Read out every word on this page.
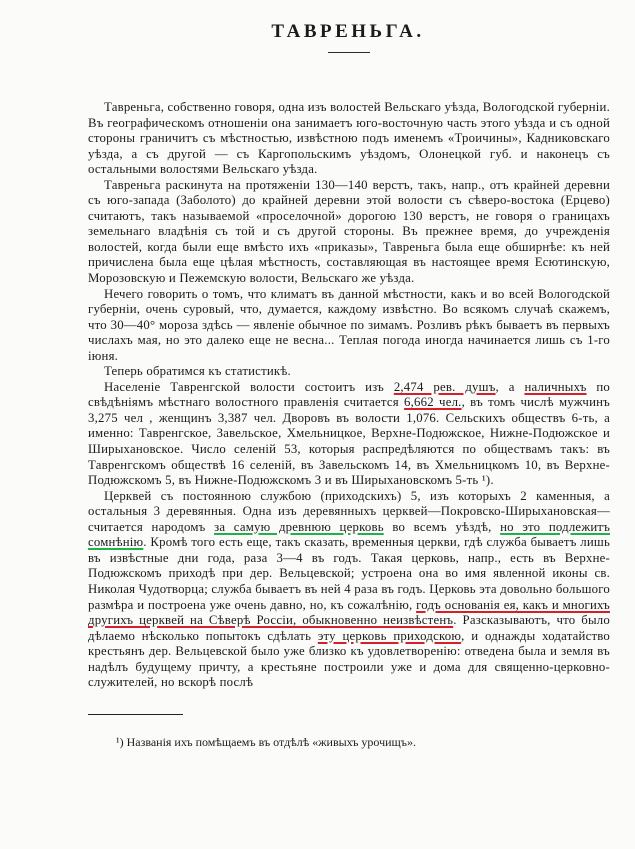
ТАВРЕНЬГА.
Тавреньга, собственно говоря, одна изъ волостей Вельскаго уѣзда, Вологодской губерніи. Въ географическомъ отношеніи она занимаетъ юго-восточную часть этого уѣзда и съ одной стороны граничитъ съ мѣстностью, извѣстною подъ именемъ «Троичины», Кадниковскаго уѣзда, а съ другой — съ Каргопольскимъ уѣздомъ, Олонецкой губ. и наконецъ съ остальными волостями Вельскаго уѣзда.
Тавреньга раскинута на протяженіи 130—140 верстъ, такъ, напр., отъ крайней деревни съ юго-запада (Заболото) до крайней деревни этой волости съ сѣверо-востока (Ерцево) считаютъ, такъ называемой «проселочной» дорогою 130 верстъ, не говоря о границахъ земельнаго владѣнія съ той и съ другой стороны. Въ прежнее время, до учрежденія волостей, когда были еще вмѣсто ихъ «приказы», Тавреньга была еще обширнѣе: къ ней причислена была еще цѣлая мѣстность, составляющая въ настоящее время Есютинскую, Морозовскую и Пежемскую волости, Вельскаго же уѣзда.
Нечего говорить о томъ, что климатъ въ данной мѣстности, какъ и во всей Вологодской губерніи, очень суровый, что, думается, каждому извѣстно. Во всякомъ случаѣ скажемъ, что 30—40° мороза здѣсь — явленіе обычное по зимамъ. Розливъ рѣкъ бываетъ въ первыхъ числахъ мая, но это далеко еще не весна... Теплая погода иногда начинается лишь съ 1-го іюня.
Теперь обратимся къ статистикѣ.
Населеніе Тавренгской волости состоитъ изъ 2,474 рев. душъ, а наличныхъ по свѣдѣніямъ мѣстнаго волостного правленія считается 6,662 чел., въ томъ числѣ мужчинъ 3,275 чел , женщинъ 3,387 чел. Дворовъ въ волости 1,076. Сельскихъ обществъ 6-ть, а именно: Тавренгское, Завельское, Хмельницкое, Верхне-Подюжское, Нижне-Подюжское и Ширыхановское. Число селеній 53, которыя распредѣляются по обществамъ такъ: въ Тавренгскомъ обществѣ 16 селеній, въ Завельскомъ 14, въ Хмельницкомъ 10, въ Верхне-Подюжскомъ 5, въ Нижне-Подюжскомъ 3 и въ Ширыхановскомъ 5-ть ¹).
Церквей съ постоянною службою (приходскихъ) 5, изъ которыхъ 2 каменныя, а остальныя 3 деревянныя. Одна изъ деревянныхъ церквей—Покровско-Ширыхановская—считается народомъ за самую древнюю церковь во всемъ уѣздѣ, но это подлежитъ сомнѣнію. Кромѣ того есть еще, такъ сказать, временныя церкви, гдѣ служба бываетъ лишь въ извѣстные дни года, раза 3—4 въ годъ. Такая церковь, напр., есть въ Верхне-Подюжскомъ приходѣ при дер. Вельцевской; устроена она во имя явленной иконы св. Николая Чудотворца; служба бываетъ въ ней 4 раза въ годъ. Церковь эта довольно большого размѣра и построена уже очень давно, но, къ сожалѣнію, годъ основанія ея, какъ и многихъ другихъ церквей на Сѣверѣ Россіи, обыкновенно неизвѣстенъ. Разсказываютъ, что было дѣлаемо нѣсколько попытокъ сдѣлать эту церковь приходскою, и однажды ходатайство крестьянъ дер. Вельцевской было уже близко къ удовлетворенію: отведена была и земля въ надѣлъ будущему причту, а крестьяне построили уже и дома для священно-церковно-служителей, но вскорѣ послѣ
¹) Названія ихъ помѣщаемъ въ отдѣлѣ «живыхъ урочищъ».
